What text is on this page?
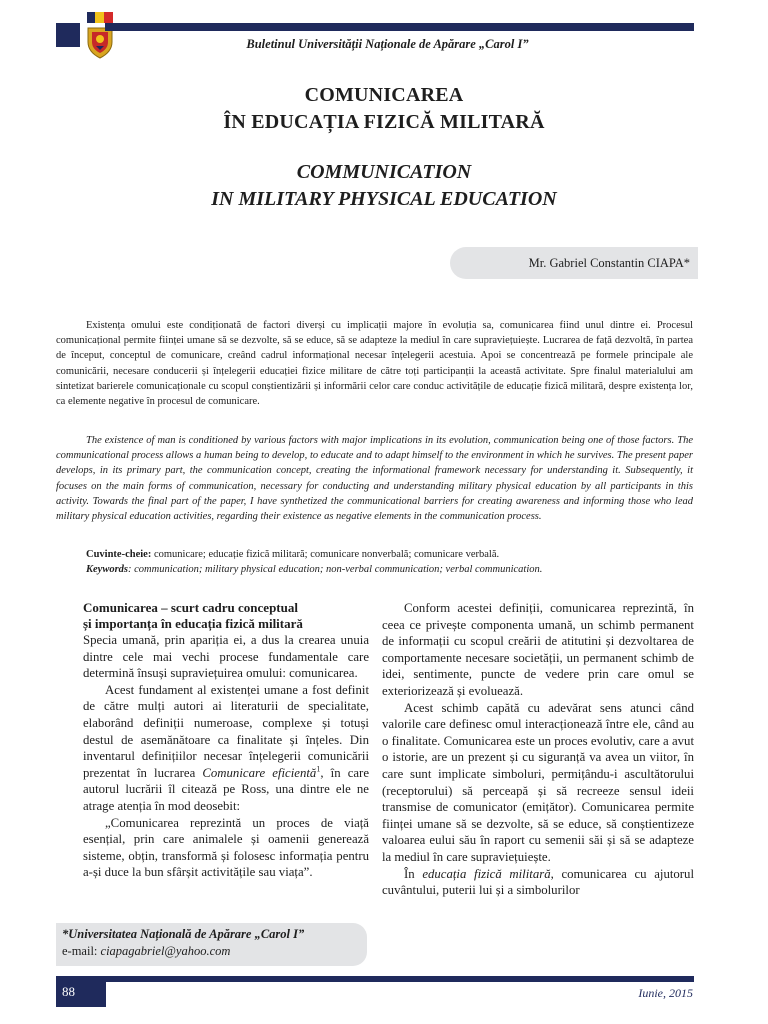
Buletinul Universității Naționale de Apărare „Carol I”
COMUNICAREA
ÎN EDUCAȚIA FIZICĂ MILITARĂ
COMMUNICATION
IN MILITARY PHYSICAL EDUCATION
Mr. Gabriel Constantin CIAPA*

Existența omului este condiționată de factori diverși cu implicații majore în evoluția sa, comunicarea fiind unul dintre ei. Procesul comunicațional permite ființei umane să se dezvolte, să se educe, să se adapteze la mediul în care supraviețuiește. Lucrarea de față dezvoltă, în partea de început, conceptul de comunicare, creând cadrul informațional necesar înțelegerii acestuia. Apoi se concentrează pe formele principale ale comunicării, necesare conducerii și înțelegerii educației fizice militare de către toți participanții la această activitate. Spre finalul materialului am sintetizat barierele comunicaționale cu scopul conștientizării și informării celor care conduc activitățile de educație fizică militară, despre existența lor, ca elemente negative în procesul de comunicare.

The existence of man is conditioned by various factors with major implications in its evolution, communication being one of those factors. The communicational process allows a human being to develop, to educate and to adapt himself to the environment in which he survives. The present paper develops, in its primary part, the communication concept, creating the informational framework necessary for understanding it. Subsequently, it focuses on the main forms of communication, necessary for conducting and understanding military physical education by all participants in this activity. Towards the final part of the paper, I have synthetized the communicational barriers for creating awareness and informing those who lead military physical education activities, regarding their existence as negative elements in the communication process.

Cuvinte-cheie: comunicare; educație fizică militară; comunicare nonverbală; comunicare verbală.
Keywords: communication; military physical education; non-verbal communication; verbal communication.

Comunicarea – scurt cadru conceptual

și importanța în educația fizică militară

Specia umană, prin apariția ei, a dus la crearea unuia dintre cele mai vechi procese fundamentale care determină însuși supraviețuirea omului: comunicarea.

Acest fundament al existenței umane a fost definit de către mulți autori ai literaturii de specialitate, elaborând definiții numeroase, complexe și totuși destul de asemănătoare ca finalitate și înțeles. Din inventarul definițiilor necesar înțelegerii comunicării prezentat în lucrarea Comunicare eficientă$^1$, în care autorul lucrării îl citează pe Ross, una dintre ele ne atrage atenția în mod deosebit:

„Comunicarea reprezintă un proces de viață esențial, prin care animalele și oamenii generează sisteme, obțin, transformă și folosesc informația pentru a-și duce la bun sfârșit activitățile sau viața”.

Conform acestei definiții, comunicarea reprezintă, în ceea ce privește componenta umană, un schimb permanent de informații cu scopul creării de atitutini și dezvoltarea de comportamente necesare societății, un permanent schimb de idei, sentimente, puncte de vedere prin care omul se exteriorizează și evoluează.

Acest schimb capătă cu adevărat sens atunci când valorile care definesc omul interacționează între ele, când au o finalitate. Comunicarea este un proces evolutiv, care a avut o istorie, are un prezent și cu siguranță va avea un viitor, în care sunt implicate simboluri, permițându-i ascultătorului (receptorului) să perceapă și să recreeze sensul ideii transmise de comunicator (emițător). Comunicarea permite ființei umane să se dezvolte, să se educe, să conștientizeze valoarea eului său în raport cu semenii săi și să se adapteze la mediul în care supraviețuiește.

În educația fizică militară, comunicarea cu ajutorul cuvântului, puterii lui și a simbolurilor

*Universitatea Națională de Apărare „Carol I”
e-mail: ciapagabriel@yahoo.com
88	Iunie, 2015
